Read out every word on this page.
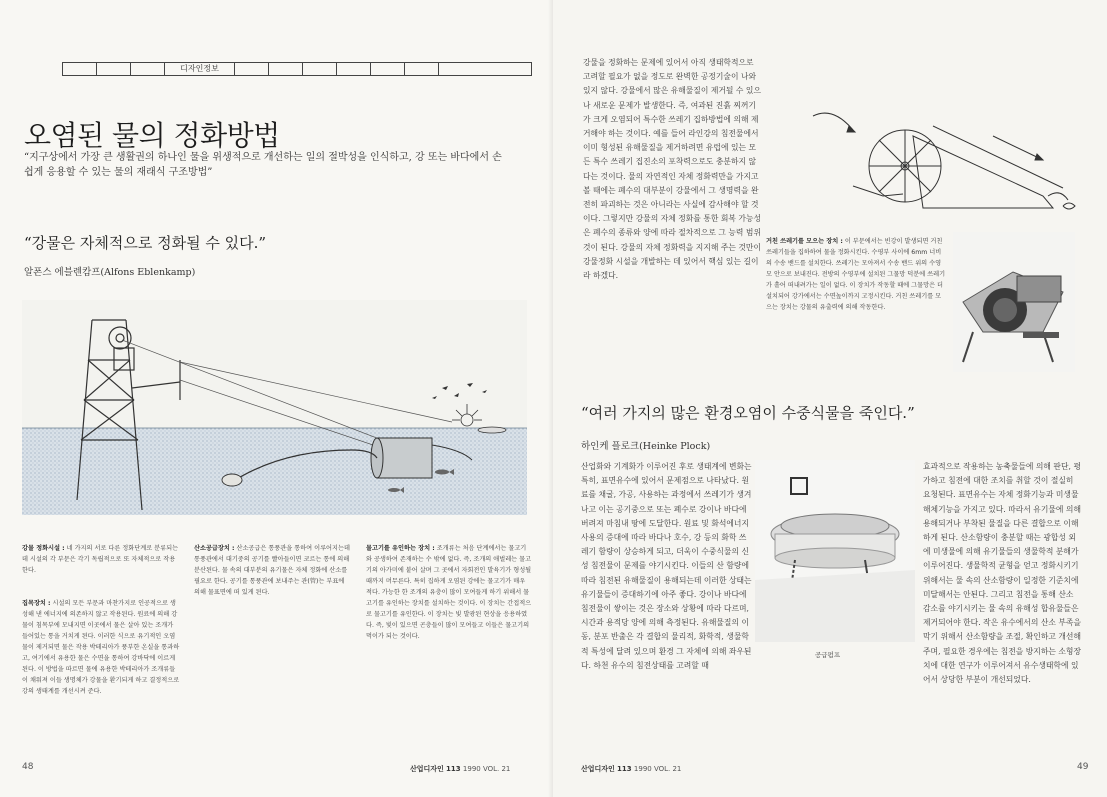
디자인정보
오염된 물의 정화방법

“지구상에서 가장 큰 생활권의 하나인 물을 위생적으로 개선하는 일의 절박성을 인식하고, 강 또는 바다에서 손쉽게 응용할 수 있는 물의 재래식 구조방법”

“강물은 자체적으로 정화될 수 있다.”
알폰스 에블렌캄프(Alfons Eblenkamp)
강물 정화시설 : 네 가지의 서로 다른 정화단계로 분류되는데 시설의 각 부문은 각기 독립적으로 또 자체적으로 작용한다.
집목장치 : 시설의 모든 부문과 마찬가지로 인공적으로 생성해 낸 에너지에 의존하지 않고 작용된다. 원료에 의해 강물이 침목부에 모내지면 이곳에서 물은 살아 있는 조개가 들어있는 통을 거치게 된다. 이러한 식으로 유기적인 오염물이 제거되면 물은 작용 박테리아가 풍부한 온실을 통과하고, 여기에서 유용한 물은 수면을 통하여 강바닥에 이르게 된다. 이 방법을 따르면 물에 유용한 박테리아가 조개류들이 채워져 이들 생명체가 강물을 환기되게 하고 결정적으로 강의 생태계를 개선시켜 준다.
산소공급장치 : 산소공급은 통풍관을 통하여 이루어지는데 통풍관에서 대기중의 공기를 빨아들이면 코르는 통에 의해 분산된다. 물 속의 대부분의 유기물은 자체 정화에 산소를 필요로 한다. 공기를 통풍관에 보내주는 관(管)는 부표에 의해 물표면에 떠 있게 된다.
물고기를 유인하는 장치 : 조개류는 처음 단계에서는 물고기와 공생하여 존재하는 수 밖에 없다. 즉, 조개의 애벌레는 물고기의 아가미에 붙어 살며 그 곳에서 자회전인 발육기가 형성될 때까지 머무른다. 특히 집하게 오염된 강에는 물고기가 매우 적다. 가능한 한 조개의 유충이 많이 모여들게 하기 위해서 물고기를 유인하는 장치를 설치하는 것이다. 이 장치는 간접적으로 물고기를 유인한다. 이 장치는 빛 발광된 현상을 응용하였다. 즉, 빛이 있으면 곤충들이 많이 모여들고 이들은 물고기의 먹이가 되는 것이다.
48	산업디자인 113 1990 VOL. 21
강물을 정화하는 문제에 있어서 아직 생태학적으로 고려할 필요가 없을 정도로 완벽한 공정기술이 나와 있지 않다. 강물에서 많은 유해물질이 제거될 수 있으나 새로운 문제가 발생한다. 즉, 여과된 진흙 찌꺼기가 크게 오염되어 특수한 쓰레기 집하방법에 의해 제거해야 하는 것이다. 예를 들어 라인강의 침전물에서 이미 형성된 유해물질을 제거하려면 유럽에 있는 모든 특수 쓰레기 집진소의 포착력으로도 충분하지 않다는 것이다. 물의 자연적인 자체 정화력만을 가지고 볼 때에는 폐수의 대부분이 강물에서 그 생명력을 완전히 파괴하는 것은 아니라는 사실에 감사해야 할 것이다. 그렇지만 강물의 자체 정화를 통한 회복 가능성은 폐수의 종류와 양에 따라 절차적으로 그 능력 범위 것이 된다. 강물의 자체 정화력을 지지해 주는 것만이 강물정화 시설을 개발하는 데 있어서 핵심 있는 길이라 하겠다.
거친 쓰레기를 모으는 장치 : 이 부문에서는 빈강이 발생되면 거친 쓰레기들을 집하하여 물을 정화시킨다. 수평부 사이에 6mm 너비의 수송 밴드를 설치한다. 쓰레기는 모아져서 수송 밴드 위의 수영모 안으로 보내진다. 전방의 수영부에 설치된 그물망 덕분에 쓰레기가 흩어 떠내려가는 일이 없다. 이 장치가 작동할 때에 그물망은 더 설치되어 강가에서는 수면높이까지 고정시킨다. 거친 쓰레기를 모으는 장치는 강물의 유출력에 의해 작동한다.
“여러 가지의 많은 환경오염이 수중식물을 죽인다.”
하인케 플로크(Heinke Plock)
산업화와 기계화가 이루어진 후로 생태계에 변화는 특히, 표면유수에 있어서 문제점으로 나타났다. 원료를 채굴, 가공, 사용하는 과정에서 쓰레기가 생겨나고 이는 공기중으로 또는 폐수로 강이나 바다에 버려져 마침내 땅에 도달한다. 원료 및 화석에너지 사용의 증대에 따라 바다나 호수, 강 등의 화학 쓰레기 함량이 상승하게 되고, 더욱이 수중식물의 신성 침전물이 문제를 야기시킨다. 이들의 산 함량에 따라 침전된 유해물질이 용해되는데 이러한 상태는 유기물들이 증대하기에 아주 좋다. 강이나 바다에 침전물이 쌓이는 것은 장소와 상황에 따라 다르며, 시간과 용적당 양에 의해 측정된다. 유해물질의 이동, 분포 반출은 각 결합의 물리적, 화학적, 생물학적 특성에 달려 있으며 환경 그 자체에 의해 좌우된다. 하천 유수의 침전상태를 고려할 때
공급펌프
효과적으로 작용하는 농축물들에 의해 판단, 평가하고 침전에 대한 조치를 취할 것이 절실히 요청된다. 표면유수는 자체 정화기능과 미생물 해체기능을 가지고 있다. 따라서 유기물에 의해 용해되거나 부착된 물질을 다른 결합으로 이해하게 된다. 산소함량이 충분할 때는 광합성 외에 미생물에 의해 유기물들의 생물학적 분해가 이루어진다. 생물학적 균형을 얻고 정화시키기 위해서는 물 속의 산소함량이 일정한 기준치에 미달해서는 안된다. 그리고 침전을 통해 산소 감소를 야기시키는 물 속의 유해성 합유물들은 제거되어야 한다. 작은 유수에서의 산소 부족을 막기 위해서 산소함량을 조절, 확인하고 개선해 주며, 필요한 경우에는 침전을 방지하는 소형장치에 대한 연구가 이루어져서 유수생태학에 있어서 상당한 부분이 개선되었다.
산업디자인 113 1990 VOL. 21	49
